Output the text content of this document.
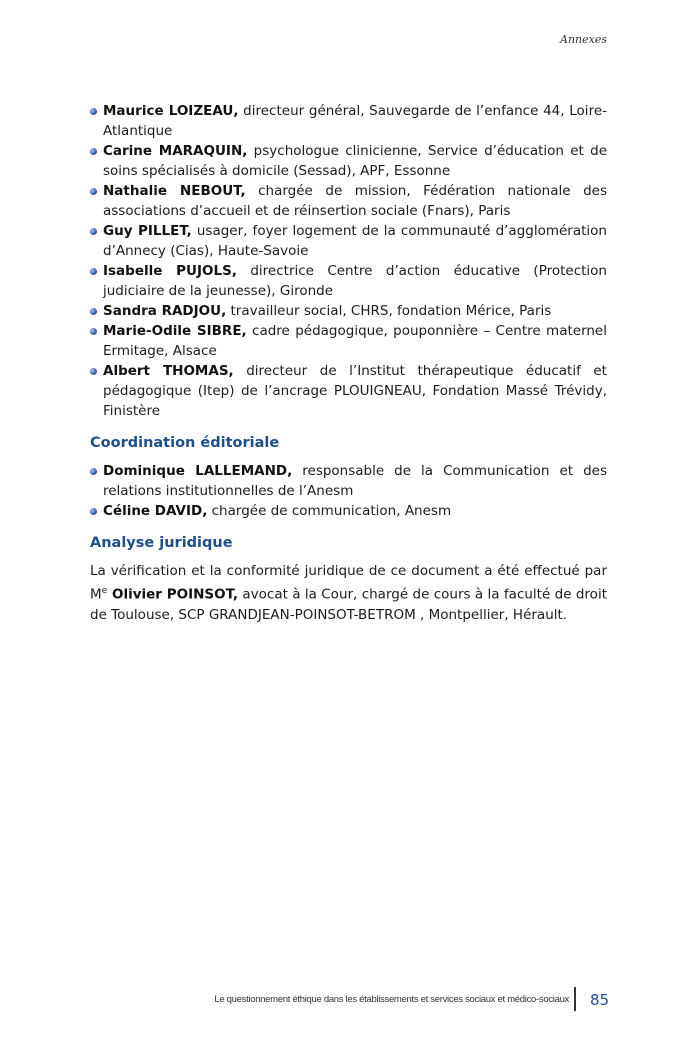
Annexes
Maurice LOIZEAU, directeur général, Sauvegarde de l’enfance 44, Loire-Atlantique
Carine MARAQUIN, psychologue clinicienne, Service d’éducation et de soins spécialisés à domicile (Sessad), APF, Essonne
Nathalie NEBOUT, chargée de mission, Fédération nationale des associations d’accueil et de réinsertion sociale (Fnars), Paris
Guy PILLET, usager, foyer logement de la communauté d’agglomération d’Annecy (Cias), Haute-Savoie
Isabelle PUJOLS, directrice Centre d’action éducative (Protection judiciaire de la jeunesse), Gironde
Sandra RADJOU, travailleur social, CHRS, fondation Mérice, Paris
Marie-Odile SIBRE, cadre pédagogique, pouponnière – Centre maternel Ermitage, Alsace
Albert THOMAS, directeur de l’Institut thérapeutique éducatif et pédagogique (Itep) de l’ancrage PLOUIGNEAU, Fondation Massé Trévidy, Finistère
Coordination éditoriale
Dominique LALLEMAND, responsable de la Communication et des relations institutionnelles de l’Anesm
Céline DAVID, chargée de communication, Anesm
Analyse juridique

La vérification et la conformité juridique de ce document a été effectué par Me Olivier POINSOT, avocat à la Cour, chargé de cours à la faculté de droit de Toulouse, SCP GRANDJEAN-POINSOT-BETROM , Montpellier, Hérault.

Le questionnement éthique dans les établissements et services sociaux et médico-sociaux 85
